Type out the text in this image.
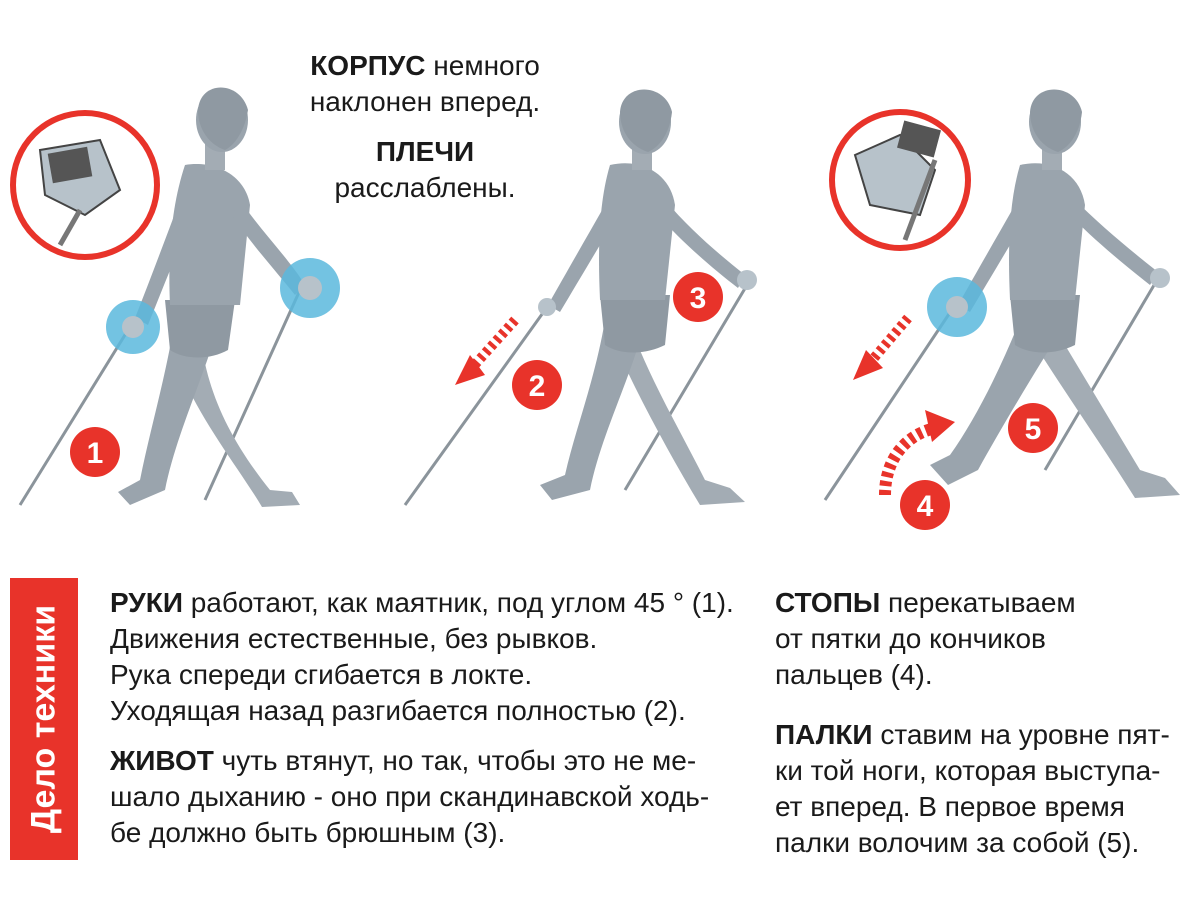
1
2
3
4
5
КОРПУС немного
наклонен вперед.
ПЛЕЧИ
расслаблены.
Дело техники

РУКИ работают, как маятник, под углом 45 ° (1).

Движения естественные, без рывков.

Рука спереди сгибается в локте.

Уходящая назад разгибается полностью (2).

ЖИВОТ чуть втянут, но так, чтобы это не ме-

шало дыханию - оно при скандинавской ходь-

бе должно быть брюшным (3).

СТОПЫ перекатываем

от пятки до кончиков

пальцев (4).

ПАЛКИ ставим на уровне пят-

ки той ноги, которая выступа-

ет вперед. В первое время

палки волочим за собой (5).
